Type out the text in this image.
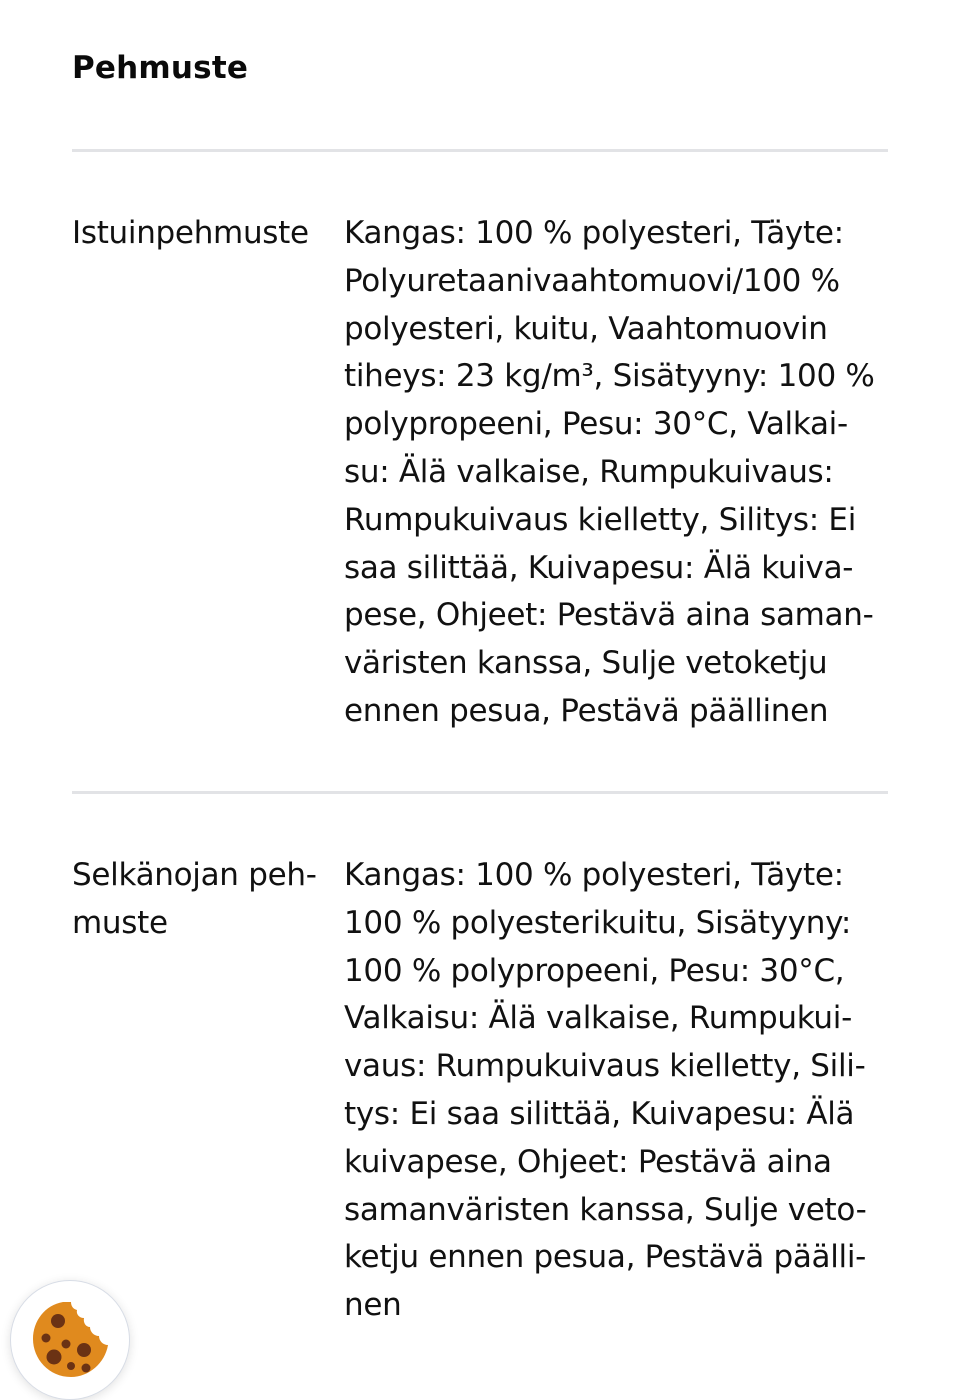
Pehmuste
Istuinpehmuste	Kangas: 100 % polyesteri, Täyte:
Polyuretaanivaahtomuovi/100 %
polyesteri, kuitu, Vaahtomuovin
tiheys: 23 kg/m³, Sisätyyny: 100 %
polypropeeni, Pesu: 30°C, Valkai-
su: Älä valkaise, Rumpukuivaus:
Rumpukuivaus kielletty, Silitys: Ei
saa silittää, Kuivapesu: Älä kuiva-
pese, Ohjeet: Pestävä aina saman-
väristen kanssa, Sulje vetoketju
ennen pesua, Pestävä päällinen
Selkänojan peh-
muste
Kangas: 100 % polyesteri, Täyte:
100 % polyesterikuitu, Sisätyyny:
100 % polypropeeni, Pesu: 30°C,
Valkaisu: Älä valkaise, Rumpukui-
vaus: Rumpukuivaus kielletty, Sili-
tys: Ei saa silittää, Kuivapesu: Älä
kuivapese, Ohjeet: Pestävä aina
samanväristen kanssa, Sulje veto-
ketju ennen pesua, Pestävä päälli-
nen
